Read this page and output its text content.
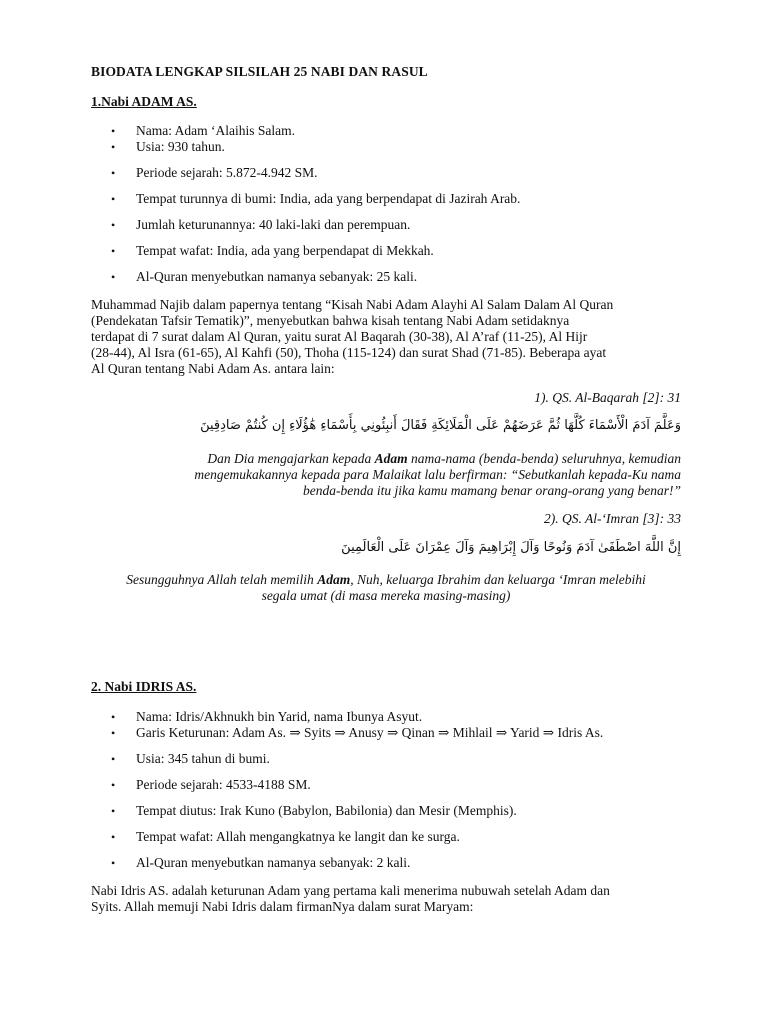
BIODATA LENGKAP SILSILAH 25 NABI DAN RASUL
1.Nabi ADAM AS.
• Nama: Adam ‘Alaihis Salam.
• Usia: 930 tahun.
• Periode sejarah: 5.872-4.942 SM.
• Tempat turunnya di bumi: India, ada yang berpendapat di Jazirah Arab.
• Jumlah keturunannya: 40 laki-laki dan perempuan.
• Tempat wafat: India, ada yang berpendapat di Mekkah.
• Al-Quran menyebutkan namanya sebanyak: 25 kali.
Muhammad Najib dalam papernya tentang “Kisah Nabi Adam Alayhi Al Salam Dalam Al Quran
(Pendekatan Tafsir Tematik)”, menyebutkan bahwa kisah tentang Nabi Adam setidaknya
terdapat di 7 surat dalam Al Quran, yaitu surat Al Baqarah (30-38), Al A’raf (11-25), Al Hijr
(28-44), Al Isra (61-65), Al Kahfi (50), Thoha (115-124) dan surat Shad (71-85). Beberapa ayat
Al Quran tentang Nabi Adam As. antara lain:
1). QS. Al-Baqarah [2]: 31
وَعَلَّمَ آدَمَ الْأَسْمَاءَ كُلَّهَا ثُمَّ عَرَضَهُمْ عَلَى الْمَلَائِكَةِ فَقَالَ أَنبِئُونِي بِأَسْمَاءِ هَٰؤُلَاءِ إِن كُنتُمْ صَادِقِينَ
Dan Dia mengajarkan kepada Adam nama-nama (benda-benda) seluruhnya, kemudian
mengemukakannya kepada para Malaikat lalu berfirman: “Sebutkanlah kepada-Ku nama
benda-benda itu jika kamu mamang benar orang-orang yang benar!”
2). QS. Al-‘Imran [3]: 33
إِنَّ اللَّهَ اصْطَفَىٰ آدَمَ وَنُوحًا وَآلَ إِبْرَاهِيمَ وَآلَ عِمْرَانَ عَلَى الْعَالَمِينَ
Sesungguhnya Allah telah memilih Adam, Nuh, keluarga Ibrahim dan keluarga ‘Imran melebihi
segala umat (di masa mereka masing-masing)
2. Nabi IDRIS AS.
• Nama: Idris/Akhnukh bin Yarid, nama Ibunya Asyut.
• Garis Keturunan: Adam As. ⇒ Syits ⇒ Anusy ⇒ Qinan ⇒ Mihlail ⇒ Yarid ⇒ Idris As.
• Usia: 345 tahun di bumi.
• Periode sejarah: 4533-4188 SM.
• Tempat diutus: Irak Kuno (Babylon, Babilonia) dan Mesir (Memphis).
• Tempat wafat: Allah mengangkatnya ke langit dan ke surga.
• Al-Quran menyebutkan namanya sebanyak: 2 kali.
Nabi Idris AS. adalah keturunan Adam yang pertama kali menerima nubuwah setelah Adam dan
Syits. Allah memuji Nabi Idris dalam firmanNya dalam surat Maryam:
